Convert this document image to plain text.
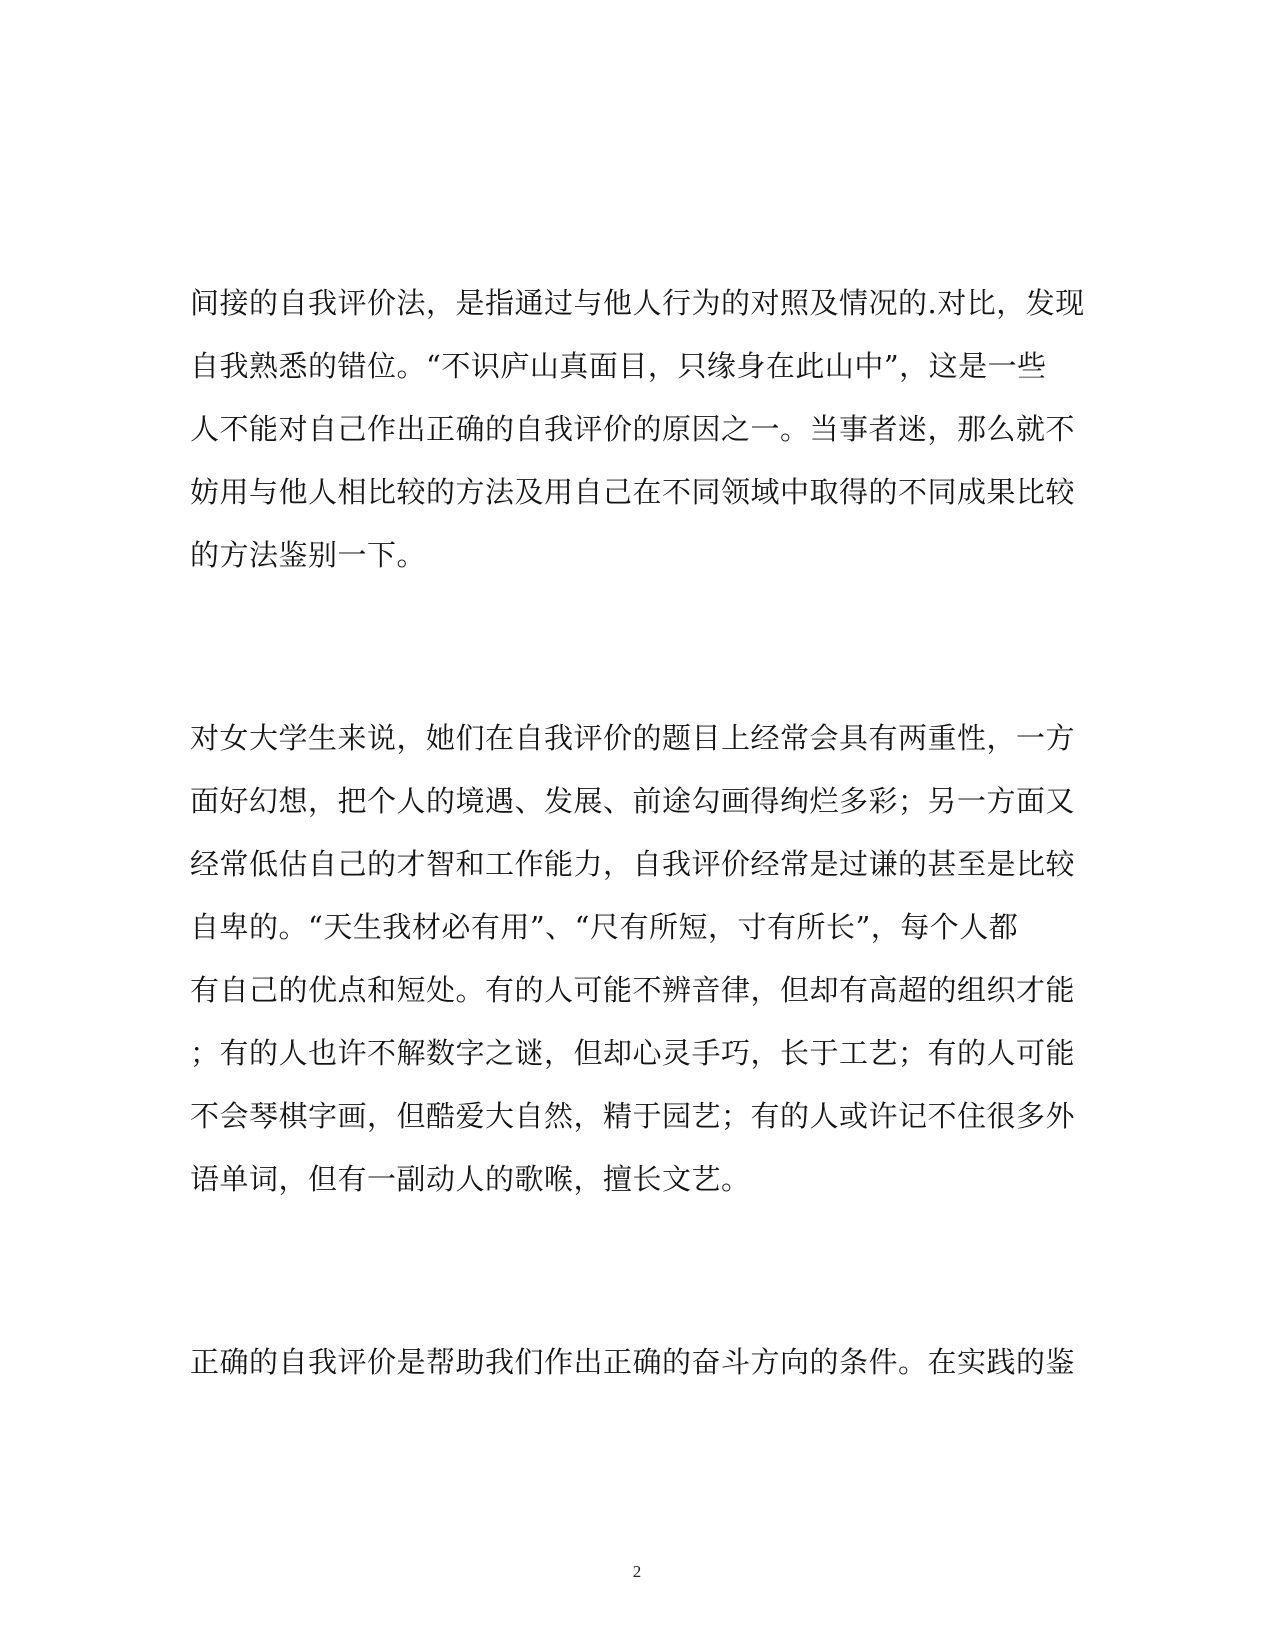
间接的自我评价法，是指通过与他人行为的对照及情况的.对比，发现
自我熟悉的错位。“不识庐山真面目，只缘身在此山中”，这是一些
人不能对自己作出正确的自我评价的原因之一。当事者迷，那么就不
妨用与他人相比较的方法及用自己在不同领域中取得的不同成果比较
的方法鉴别一下。
对女大学生来说，她们在自我评价的题目上经常会具有两重性，一方
面好幻想，把个人的境遇、发展、前途勾画得绚烂多彩；另一方面又
经常低估自己的才智和工作能力，自我评价经常是过谦的甚至是比较
自卑的。“天生我材必有用”、“尺有所短，寸有所长”，每个人都
有自己的优点和短处。有的人可能不辨音律，但却有高超的组织才能
；有的人也许不解数字之谜，但却心灵手巧，长于工艺；有的人可能
不会琴棋字画，但酷爱大自然，精于园艺；有的人或许记不住很多外
语单词，但有一副动人的歌喉，擅长文艺。
正确的自我评价是帮助我们作出正确的奋斗方向的条件。在实践的鉴
2
